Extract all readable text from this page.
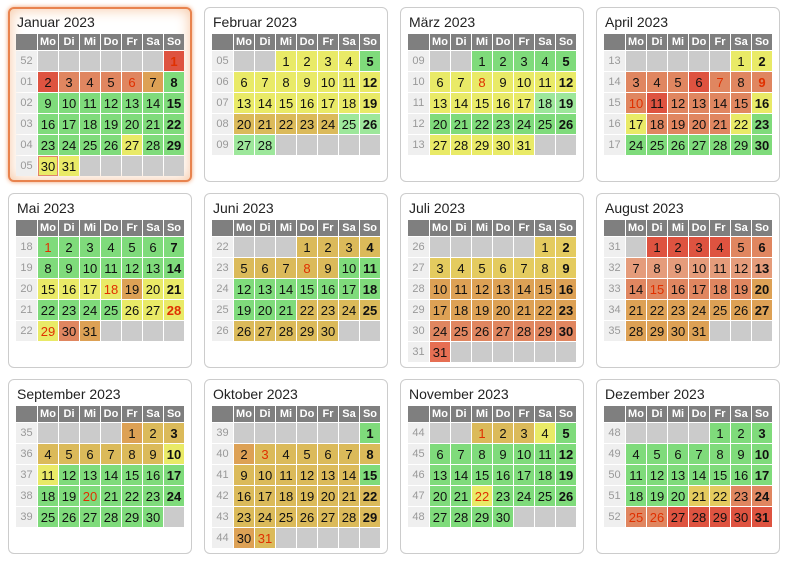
Januar 2023
	Mo	Di	Mi	Do	Fr	Sa	So
52							1
01	2	3	4	5	6	7	8
02	9	10	11	12	13	14	15
03	16	17	18	19	20	21	22
04	23	24	25	26	27	28	29
05	30	31					
Februar 2023
	Mo	Di	Mi	Do	Fr	Sa	So
05			1	2	3	4	5
06	6	7	8	9	10	11	12
07	13	14	15	16	17	18	19
08	20	21	22	23	24	25	26
09	27	28					
März 2023
	Mo	Di	Mi	Do	Fr	Sa	So
09			1	2	3	4	5
10	6	7	8	9	10	11	12
11	13	14	15	16	17	18	19
12	20	21	22	23	24	25	26
13	27	28	29	30	31		
April 2023
	Mo	Di	Mi	Do	Fr	Sa	So
13						1	2
14	3	4	5	6	7	8	9
15	10	11	12	13	14	15	16
16	17	18	19	20	21	22	23
17	24	25	26	27	28	29	30
Mai 2023
	Mo	Di	Mi	Do	Fr	Sa	So
18	1	2	3	4	5	6	7
19	8	9	10	11	12	13	14
20	15	16	17	18	19	20	21
21	22	23	24	25	26	27	28
22	29	30	31				
Juni 2023
	Mo	Di	Mi	Do	Fr	Sa	So
22				1	2	3	4
23	5	6	7	8	9	10	11
24	12	13	14	15	16	17	18
25	19	20	21	22	23	24	25
26	26	27	28	29	30		
Juli 2023
	Mo	Di	Mi	Do	Fr	Sa	So
26						1	2
27	3	4	5	6	7	8	9
28	10	11	12	13	14	15	16
29	17	18	19	20	21	22	23
30	24	25	26	27	28	29	30
31	31						
August 2023
	Mo	Di	Mi	Do	Fr	Sa	So
31		1	2	3	4	5	6
32	7	8	9	10	11	12	13
33	14	15	16	17	18	19	20
34	21	22	23	24	25	26	27
35	28	29	30	31			
September 2023
	Mo	Di	Mi	Do	Fr	Sa	So
35					1	2	3
36	4	5	6	7	8	9	10
37	11	12	13	14	15	16	17
38	18	19	20	21	22	23	24
39	25	26	27	28	29	30	
Oktober 2023
	Mo	Di	Mi	Do	Fr	Sa	So
39							1
40	2	3	4	5	6	7	8
41	9	10	11	12	13	14	15
42	16	17	18	19	20	21	22
43	23	24	25	26	27	28	29
44	30	31					
November 2023
	Mo	Di	Mi	Do	Fr	Sa	So
44			1	2	3	4	5
45	6	7	8	9	10	11	12
46	13	14	15	16	17	18	19
47	20	21	22	23	24	25	26
48	27	28	29	30			
Dezember 2023
	Mo	Di	Mi	Do	Fr	Sa	So
48					1	2	3
49	4	5	6	7	8	9	10
50	11	12	13	14	15	16	17
51	18	19	20	21	22	23	24
52	25	26	27	28	29	30	31
